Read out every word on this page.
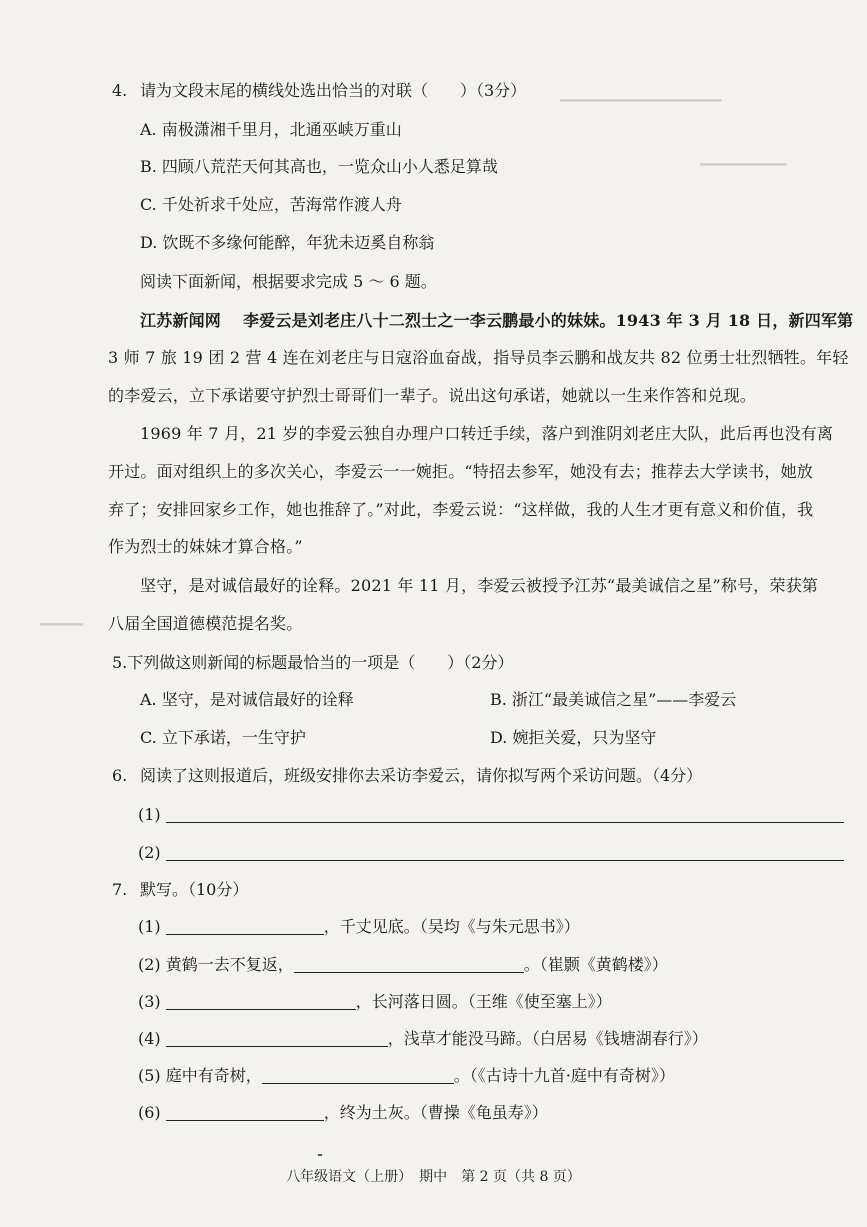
▁▁▁▁▁▁▁▁▁▁▁▁▁▁▁
▁▁▁▁▁▁▁▁
▁▁▁▁
4. 请为文段末尾的横线处选出恰当的对联（　　）（3分）
A. 南极潇湘千里月，北通巫峡万重山
B. 四顾八荒茫天何其高也，一览众山小人悉足算哉
C. 千处祈求千处应，苦海常作渡人舟
D. 饮既不多缘何能醉，年犹未迈奚自称翁
阅读下面新闻，根据要求完成 5 ～ 6 题。
江苏新闻网　 李爱云是刘老庄八十二烈士之一李云鹏最小的妹妹。1943 年 3 月 18 日，新四军第
3 师 7 旅 19 团 2 营 4 连在刘老庄与日寇浴血奋战，指导员李云鹏和战友共 82 位勇士壮烈牺牲。年轻
的李爱云，立下承诺要守护烈士哥哥们一辈子。说出这句承诺，她就以一生来作答和兑现。
1969 年 7 月，21 岁的李爱云独自办理户口转迁手续，落户到淮阴刘老庄大队，此后再也没有离
开过。面对组织上的多次关心，李爱云一一婉拒。“特招去参军，她没有去；推荐去大学读书，她放
弃了；安排回家乡工作，她也推辞了。”对此，李爱云说：“这样做，我的人生才更有意义和价值，我
作为烈士的妹妹才算合格。”
坚守，是对诚信最好的诠释。2021 年 11 月，李爱云被授予江苏“最美诚信之星”称号，荣获第
八届全国道德模范提名奖。
5.下列做这则新闻的标题最恰当的一项是（　　）（2分）
A. 坚守，是对诚信最好的诠释	B. 浙江“最美诚信之星”——李爱云
C. 立下承诺，一生守护	D. 婉拒关爱，只为坚守
6. 阅读了这则报道后，班级安排你去采访李爱云，请你拟写两个采访问题。（4分）
(1)
(2)
7. 默写。（10分）
(1)	，千丈见底。（吴均《与朱元思书》）
(2) 黄鹤一去不复返，	。（崔颢《黄鹤楼》）
(3)	，长河落日圆。（王维《使至塞上》）
(4)	，浅草才能没马蹄。（白居易《钱塘湖春行》）
(5) 庭中有奇树，	。（《古诗十九首·庭中有奇树》）
(6)	，终为土灰。（曹操《龟虽寿》）
八年级语文（上册）　期中　第 2 页（共 8 页）
